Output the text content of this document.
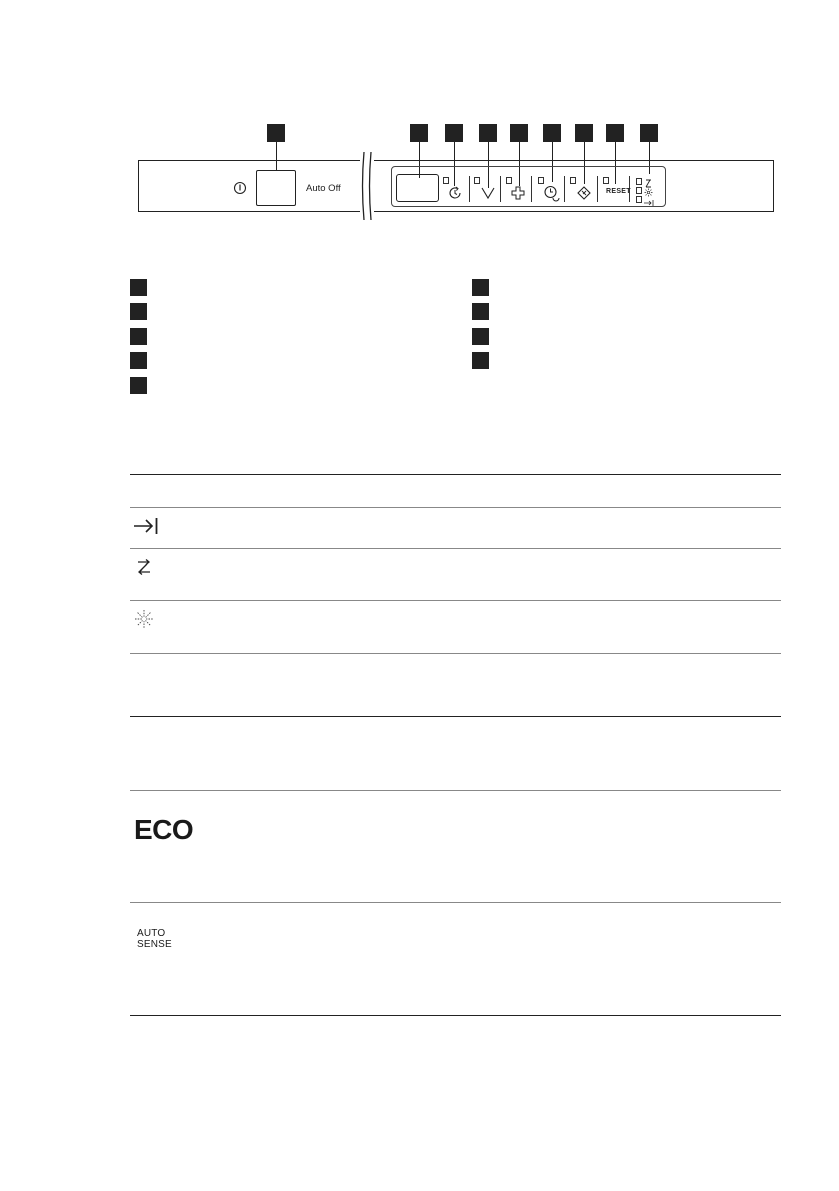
Auto Off	RESET
ECO
AUTO
SENSE
